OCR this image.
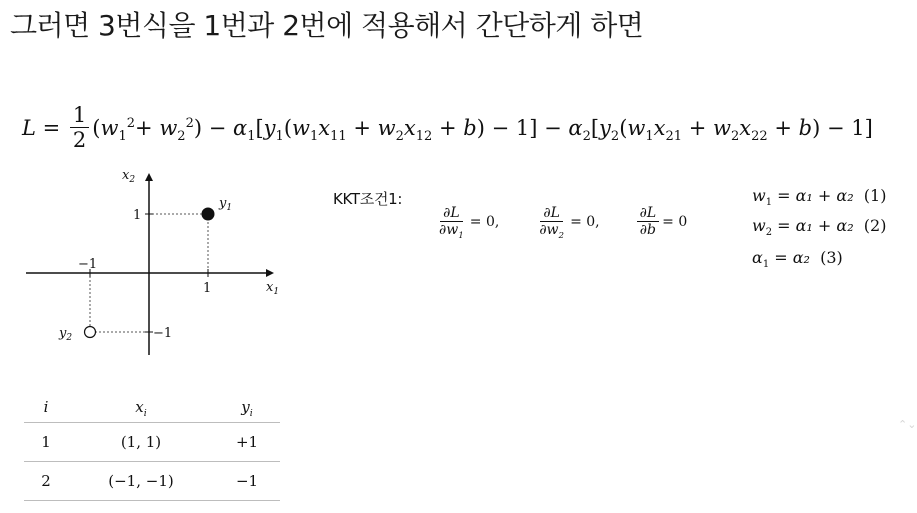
그러면 3번식을 1번과 2번에 적용해서 간단하게 하면
$L = \frac{1}{2} (w_1^2+ w_2^2) - \alpha_1[y_1(w_1x_{11} + w_2x_{12} + b) - 1] - \alpha_2[y_2(w_1x_{21} + w_2x_{22} + b) - 1]$
$x_2$
$x_1$
1
1
−1
−1
$y_1$
$y_2$
KKT조건1:
$\frac{\partial L}{\partial w_1} = 0$,	$\frac{\partial L}{\partial w_2} = 0$,	$\frac{\partial L}{\partial b} = 0$
$w_1 = \alpha_1 + \alpha_2$ (1)
$w_2 = \alpha_1 + \alpha_2$ (2)
$\alpha_1 = \alpha_2$ (3)
i	$x_i$	$y_i$
1	(1, 1)	+1
2	(−1, −1)	−1
⌃⌄
